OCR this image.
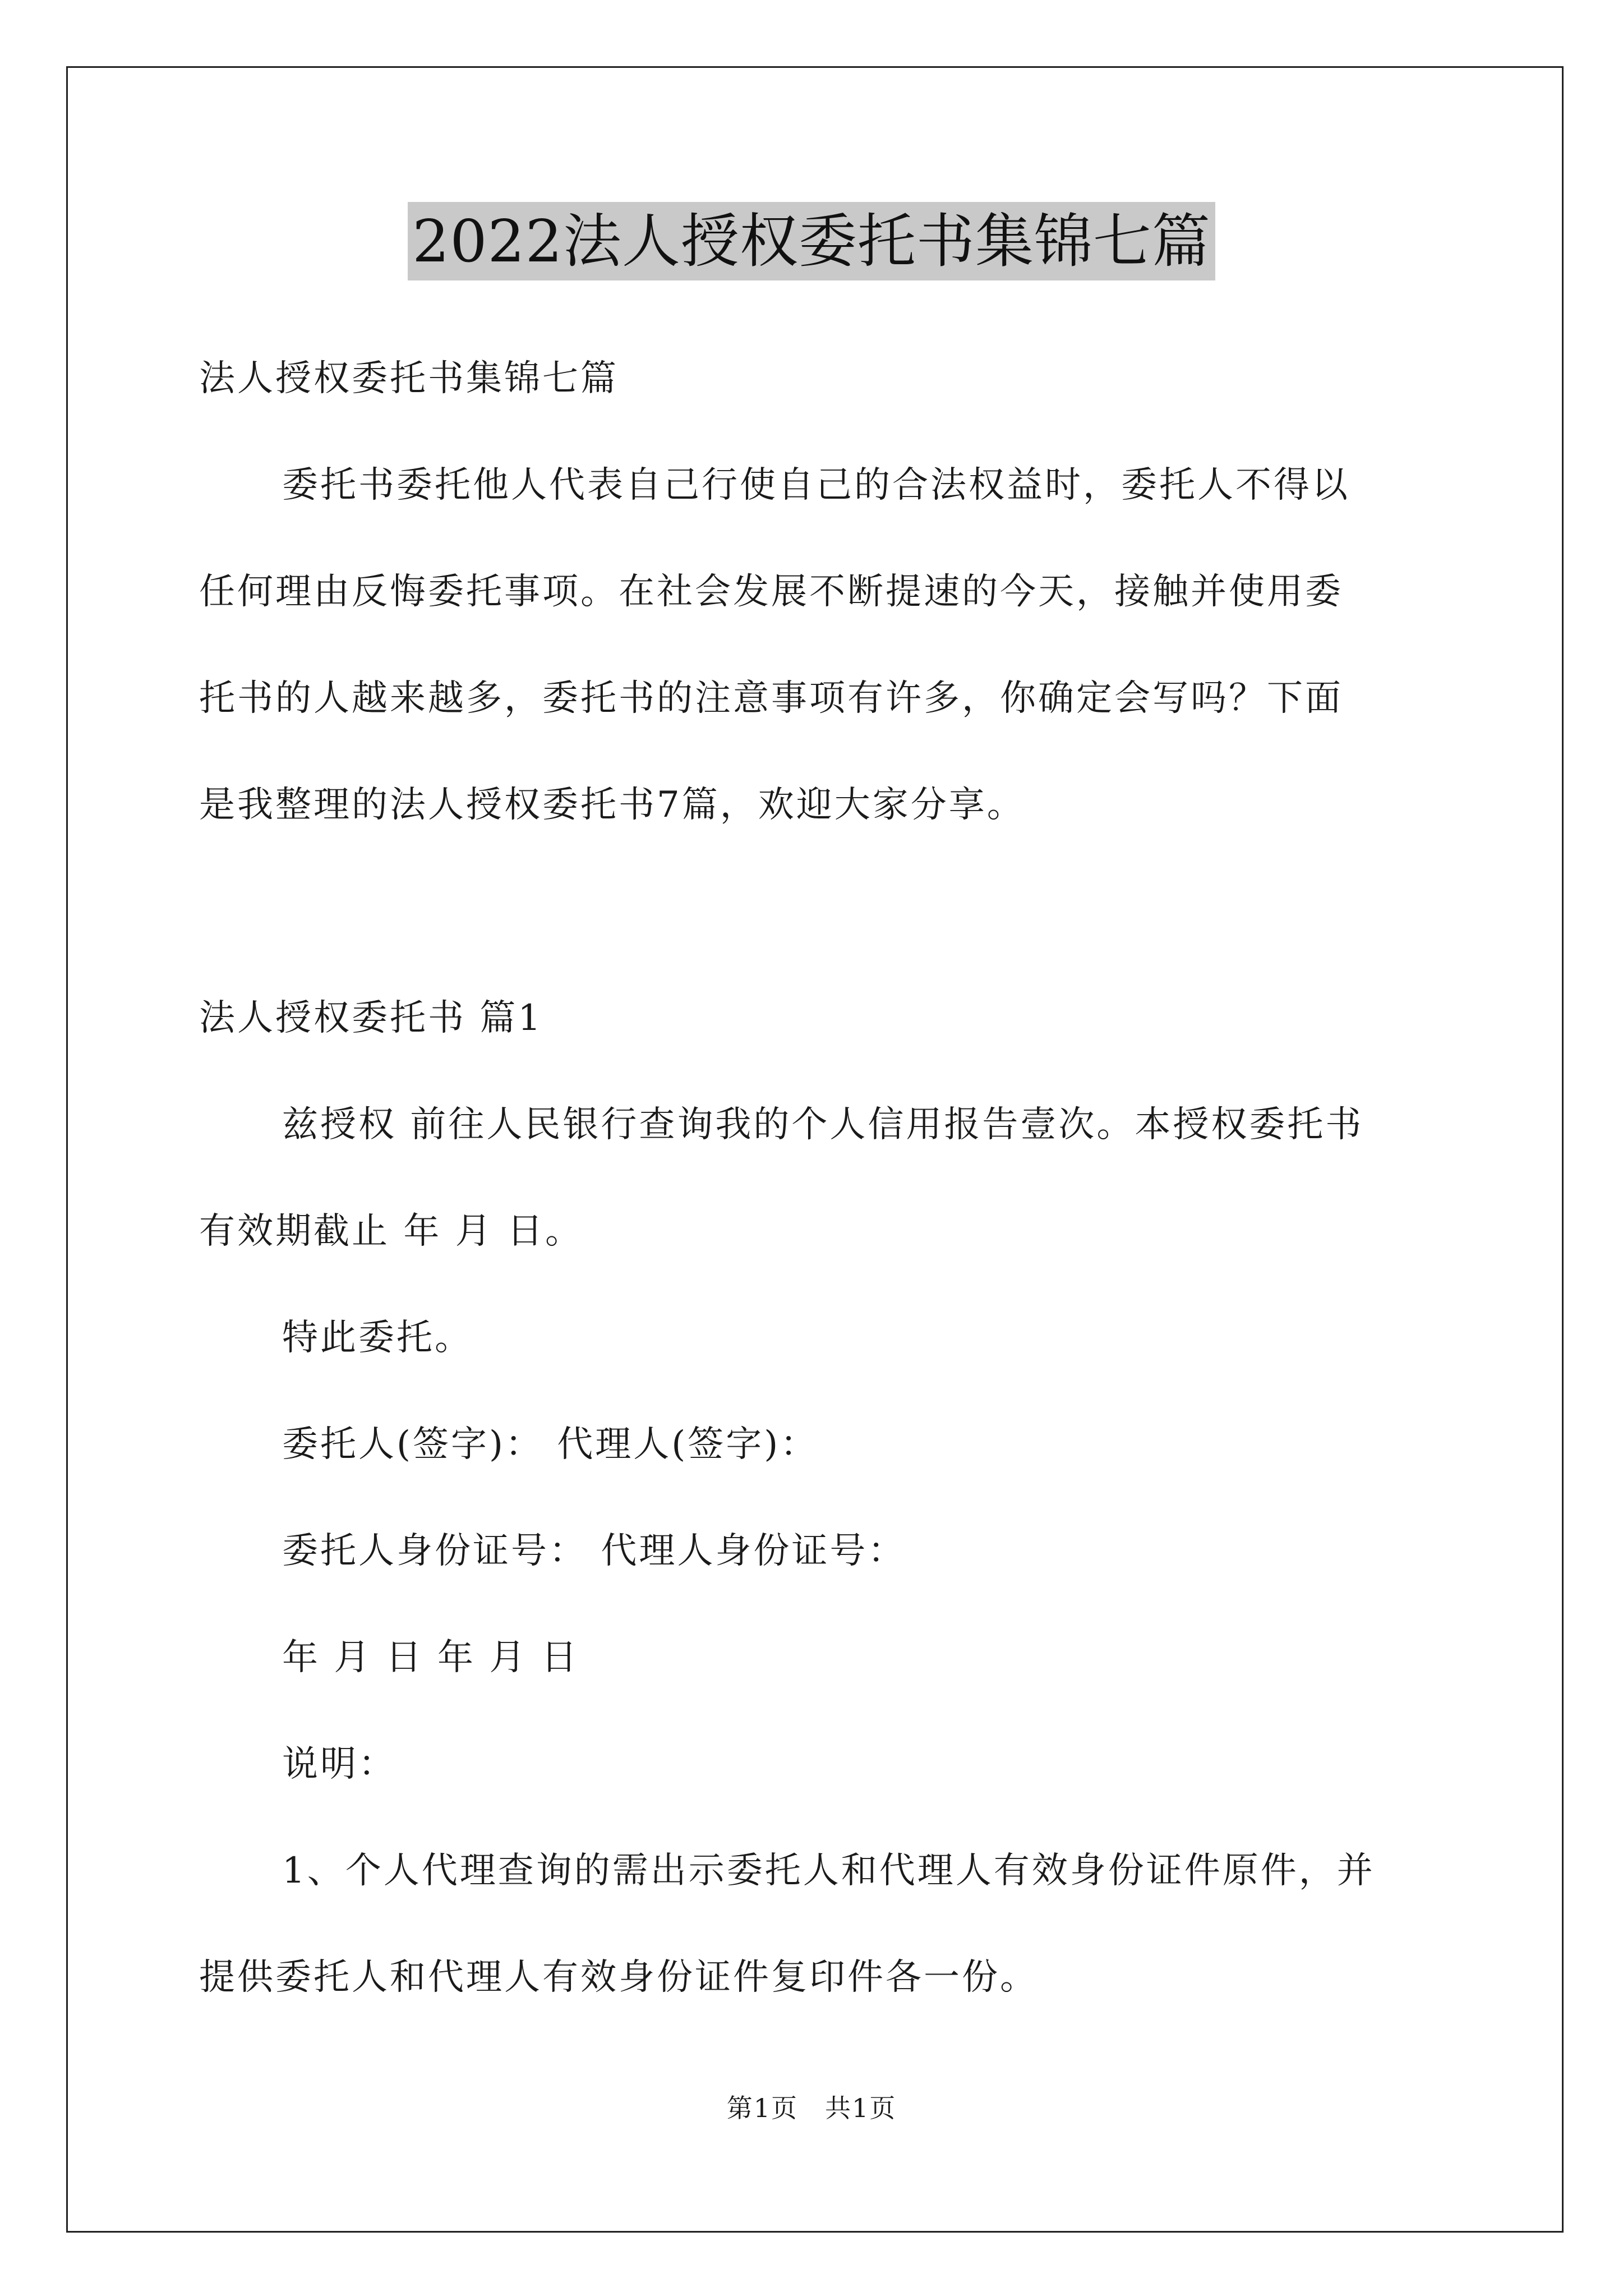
2022法人授权委托书集锦七篇
法人授权委托书集锦七篇
委托书委托他人代表自己行使自己的合法权益时，委托人不得以
任何理由反悔委托事项。在社会发展不断提速的今天，接触并使用委
托书的人越来越多，委托书的注意事项有许多，你确定会写吗？下面
是我整理的法人授权委托书7篇，欢迎大家分享。
法人授权委托书 篇1
兹授权 前往人民银行查询我的个人信用报告壹次。本授权委托书
有效期截止 年 月 日。
特此委托。
委托人(签字)： 代理人(签字)：
委托人身份证号： 代理人身份证号：
年 月 日 年 月 日
说明：
1、个人代理查询的需出示委托人和代理人有效身份证件原件，并
提供委托人和代理人有效身份证件复印件各一份。
第1页 共1页
